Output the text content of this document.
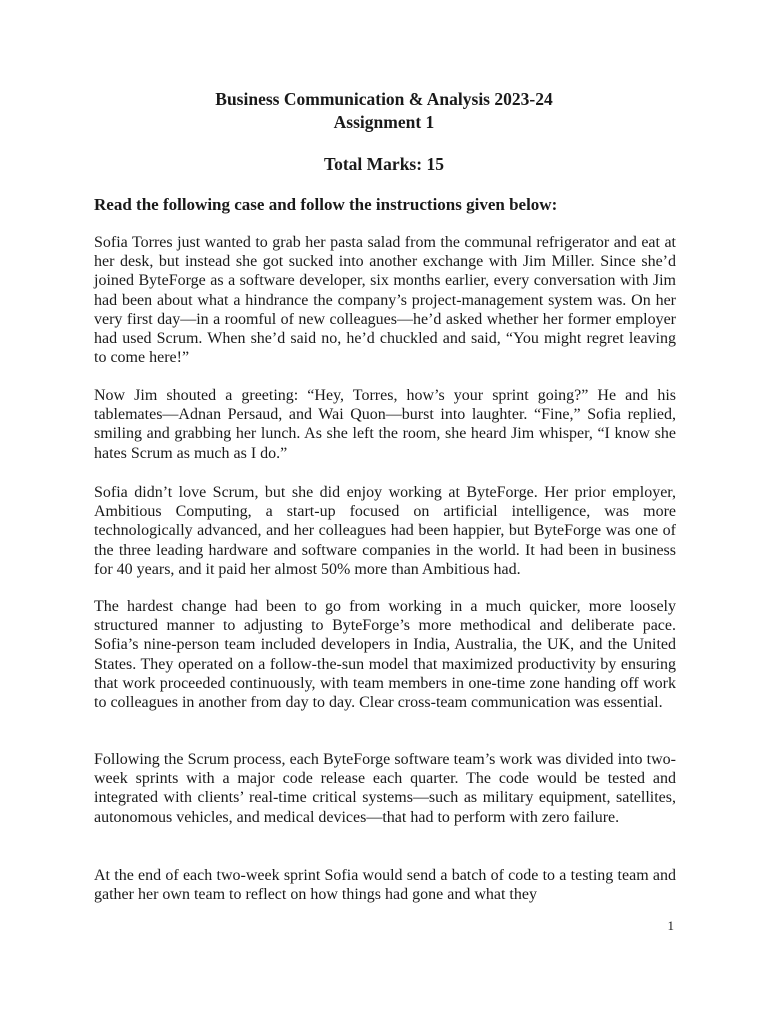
Business Communication & Analysis 2023-24
Assignment 1
Total Marks: 15
Read the following case and follow the instructions given below:

Sofia Torres just wanted to grab her pasta salad from the communal refrigerator and eat at her desk, but instead she got sucked into another exchange with Jim Miller. Since she’d joined ByteForge as a software developer, six months earlier, every conversation with Jim had been about what a hindrance the company’s project-management system was. On her very first day—in a roomful of new colleagues—he’d asked whether her former employer had used Scrum. When she’d said no, he’d chuckled and said, “You might regret leaving to come here!”

Now Jim shouted a greeting: “Hey, Torres, how’s your sprint going?” He and his tablemates—Adnan Persaud, and Wai Quon—burst into laughter. “Fine,” Sofia replied, smiling and grabbing her lunch. As she left the room, she heard Jim whisper, “I know she hates Scrum as much as I do.”

Sofia didn’t love Scrum, but she did enjoy working at ByteForge. Her prior employer, Ambitious Computing, a start-up focused on artificial intelligence, was more technologically advanced, and her colleagues had been happier, but ByteForge was one of the three leading hardware and software companies in the world. It had been in business for 40 years, and it paid her almost 50% more than Ambitious had.

The hardest change had been to go from working in a much quicker, more loosely structured manner to adjusting to ByteForge’s more methodical and deliberate pace. Sofia’s nine-person team included developers in India, Australia, the UK, and the United States. They operated on a follow-the-sun model that maximized productivity by ensuring that work proceeded continuously, with team members in one-time zone handing off work to colleagues in another from day to day. Clear cross-team communication was essential.

Following the Scrum process, each ByteForge software team’s work was divided into two-week sprints with a major code release each quarter. The code would be tested and integrated with clients’ real-time critical systems—such as military equipment, satellites, autonomous vehicles, and medical devices—that had to perform with zero failure.

At the end of each two-week sprint Sofia would send a batch of code to a testing team and gather her own team to reflect on how things had gone and what they

1
